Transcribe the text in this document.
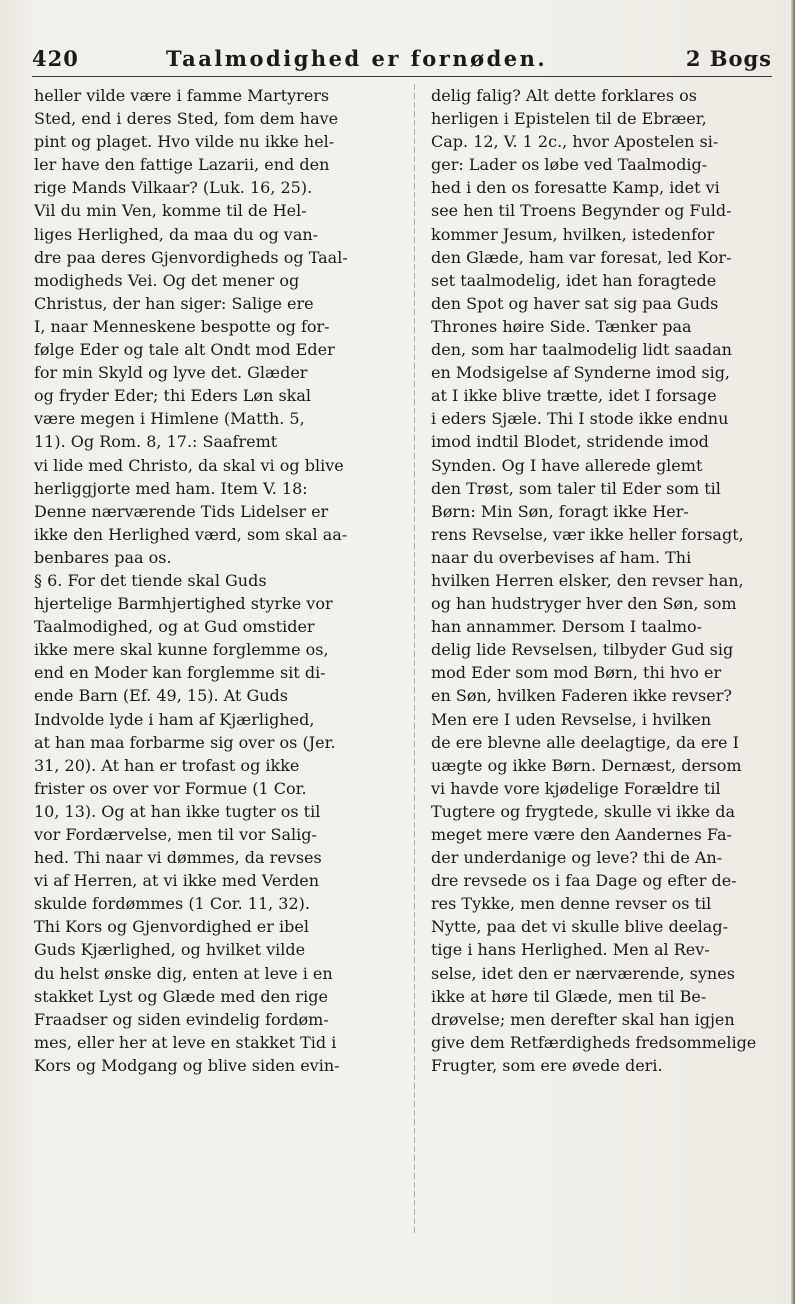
420	Taalmodighed er fornøden.	2 Bogs
heller vilde være i famme Martyrers
Sted, end i deres Sted, fom dem have
pint og plaget. Hvo vilde nu ikke hel-
ler have den fattige Lazarii, end den
rige Mands Vilkaar? (Luk. 16, 25).
Vil du min Ven, komme til de Hel-
liges Herlighed, da maa du og van-
dre paa deres Gjenvordigheds og Taal-
modigheds Vei. Og det mener og
Christus, der han siger: Salige ere
I, naar Menneskene bespotte og for-
følge Eder og tale alt Ondt mod Eder
for min Skyld og lyve det. Glæder
og fryder Eder; thi Eders Løn skal
være megen i Himlene (Matth. 5,
11). Og Rom. 8, 17.: Saafremt
vi lide med Christo, da skal vi og blive
herliggjorte med ham. Item V. 18:
Denne nærværende Tids Lidelser er
ikke den Herlighed værd, som skal aa-
benbares paa os.
§ 6. For det tiende skal Guds
hjertelige Barmhjertighed styrke vor
Taalmodighed, og at Gud omstider
ikke mere skal kunne forglemme os,
end en Moder kan forglemme sit di-
ende Barn (Ef. 49, 15). At Guds
Indvolde lyde i ham af Kjærlighed,
at han maa forbarme sig over os (Jer.
31, 20). At han er trofast og ikke
frister os over vor Formue (1 Cor.
10, 13). Og at han ikke tugter os til
vor Fordærvelse, men til vor Salig-
hed. Thi naar vi dømmes, da revses
vi af Herren, at vi ikke med Verden
skulde fordømmes (1 Cor. 11, 32).
Thi Kors og Gjenvordighed er ibel
Guds Kjærlighed, og hvilket vilde
du helst ønske dig, enten at leve i en
stakket Lyst og Glæde med den rige
Fraadser og siden evindelig fordøm-
mes, eller her at leve en stakket Tid i
Kors og Modgang og blive siden evin-
delig falig? Alt dette forklares os
herligen i Epistelen til de Ebræer,
Cap. 12, V. 1 2c., hvor Apostelen si-
ger: Lader os løbe ved Taalmodig-
hed i den os foresatte Kamp, idet vi
see hen til Troens Begynder og Fuld-
kommer Jesum, hvilken, istedenfor
den Glæde, ham var foresat, led Kor-
set taalmodelig, idet han foragtede
den Spot og haver sat sig paa Guds
Thrones høire Side. Tænker paa
den, som har taalmodelig lidt saadan
en Modsigelse af Synderne imod sig,
at I ikke blive trætte, idet I forsage
i eders Sjæle. Thi I stode ikke endnu
imod indtil Blodet, stridende imod
Synden. Og I have allerede glemt
den Trøst, som taler til Eder som til
Børn: Min Søn, foragt ikke Her-
rens Revselse, vær ikke heller forsagt,
naar du overbevises af ham. Thi
hvilken Herren elsker, den revser han,
og han hudstryger hver den Søn, som
han annammer. Dersom I taalmo-
delig lide Revselsen, tilbyder Gud sig
mod Eder som mod Børn, thi hvo er
en Søn, hvilken Faderen ikke revser?
Men ere I uden Revselse, i hvilken
de ere blevne alle deelagtige, da ere I
uægte og ikke Børn. Dernæst, dersom
vi havde vore kjødelige Forældre til
Tugtere og frygtede, skulle vi ikke da
meget mere være den Aandernes Fa-
der underdanige og leve? thi de An-
dre revsede os i faa Dage og efter de-
res Tykke, men denne revser os til
Nytte, paa det vi skulle blive deelag-
tige i hans Herlighed. Men al Rev-
selse, idet den er nærværende, synes
ikke at høre til Glæde, men til Be-
drøvelse; men derefter skal han igjen
give dem Retfærdigheds fredsommelige
Frugter, som ere øvede deri.
